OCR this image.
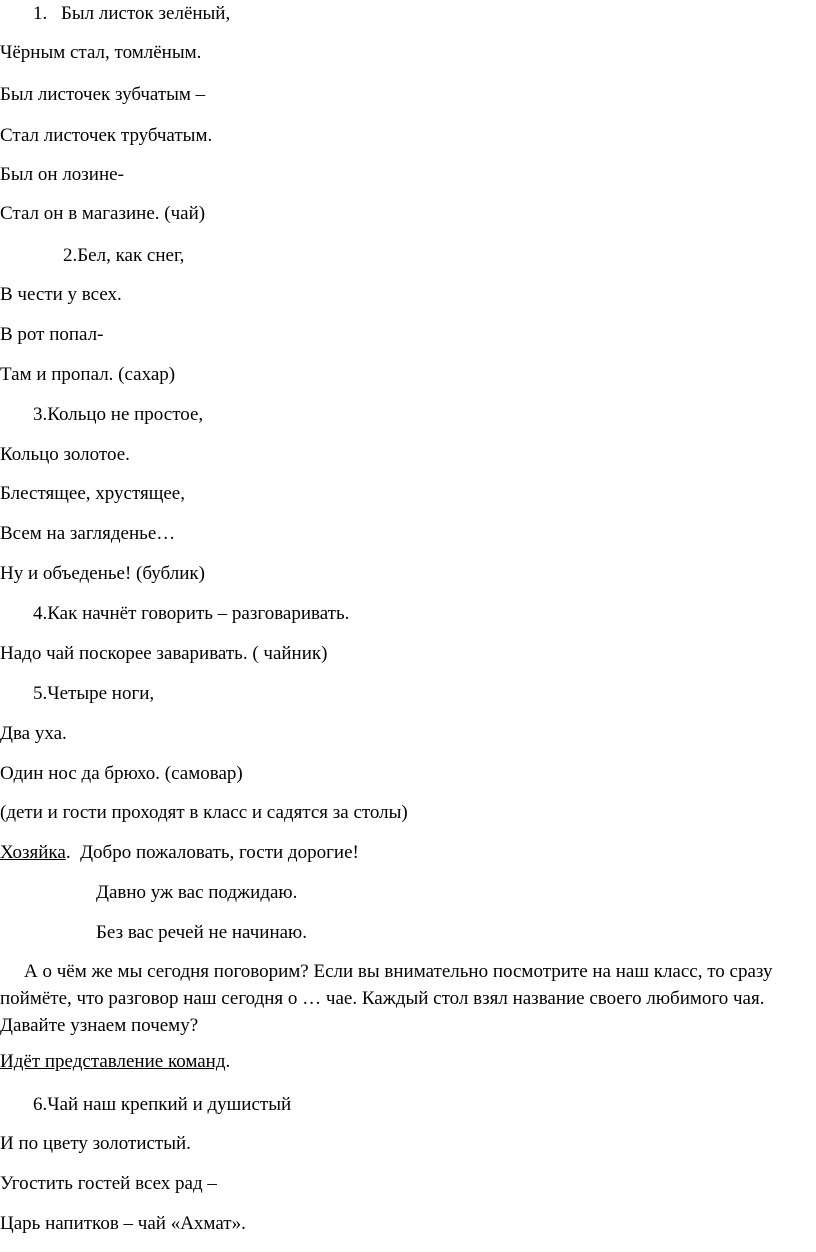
1. Был листок зелёный,
Чёрным стал, томлёным.
Был листочек зубчатым –
Стал листочек трубчатым.
Был он лозине-
Стал он в магазине. (чай)
2.Бел, как снег,
В чести у всех.
В рот попал-
Там и пропал. (сахар)
3.Кольцо не простое,
Кольцо золотое.
Блестящее, хрустящее,
Всем на загляденье…
Ну и объеденье! (бублик)
4.Как начнёт говорить – разговаривать.
Надо чай поскорее заваривать. ( чайник)
5.Четыре ноги,
Два уха.
Один нос да брюхо. (самовар)
(дети и гости проходят в класс и садятся за столы)
Хозяйка.  Добро пожаловать, гости дорогие!
Давно уж вас поджидаю.
Без вас речей не начинаю.
А о чём же мы сегодня поговорим? Если вы внимательно посмотрите на наш класс, то сразу поймёте, что разговор наш сегодня о … чае. Каждый стол взял название своего любимого чая. Давайте узнаем почему?
Идёт представление команд.
6.Чай наш крепкий и душистый
И по цвету золотистый.
Угостить гостей всех рад –
Царь напитков – чай «Ахмат».
